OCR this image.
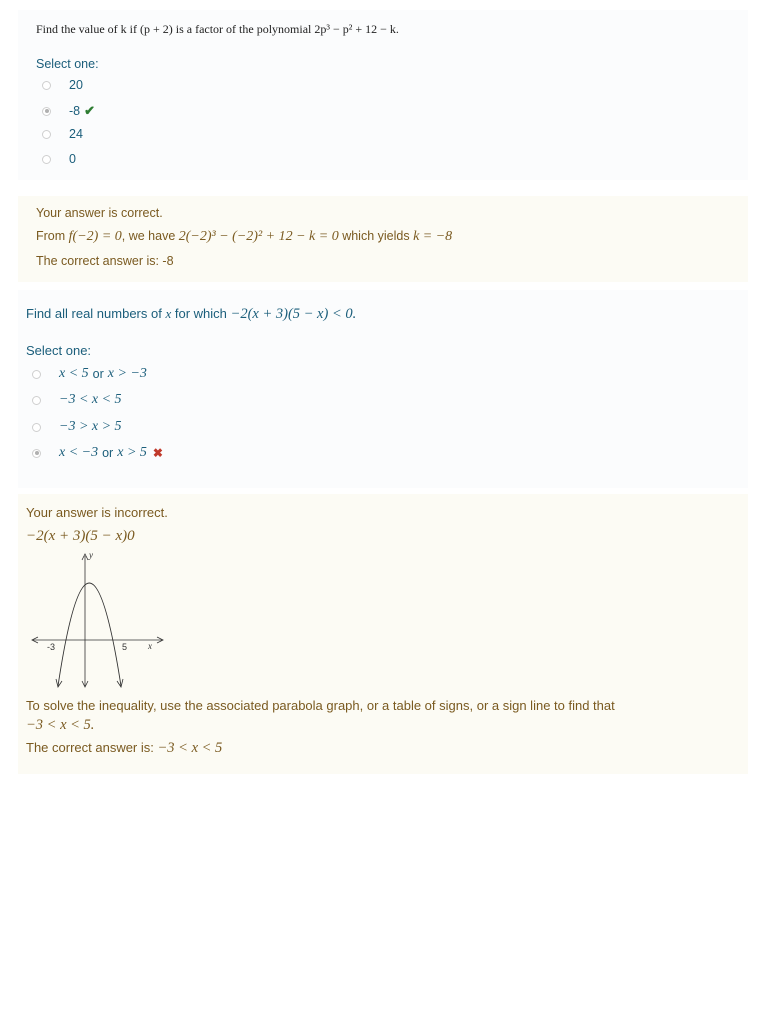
Find the value of k if (p + 2) is a factor of the polynomial 2p³ − p² + 12 − k.
Select one:
20
-8 ✔
24
0
Your answer is correct.
From f(−2) = 0, we have 2(−2)³ − (−2)² + 12 − k = 0 which yields k = −8
The correct answer is: -8
Find all real numbers of x for which −2(x + 3)(5 − x) < 0.
Select one:
x < 5 or x > −3
−3 < x < 5
−3 > x > 5
x < −3 or x > 5 ✖
Your answer is incorrect.
−2(x + 3)(5 − x)0
y
x
-3	5
To solve the inequality, use the associated parabola graph, or a table of signs, or a sign line to find that
−3 < x < 5.
The correct answer is: −3 < x < 5
